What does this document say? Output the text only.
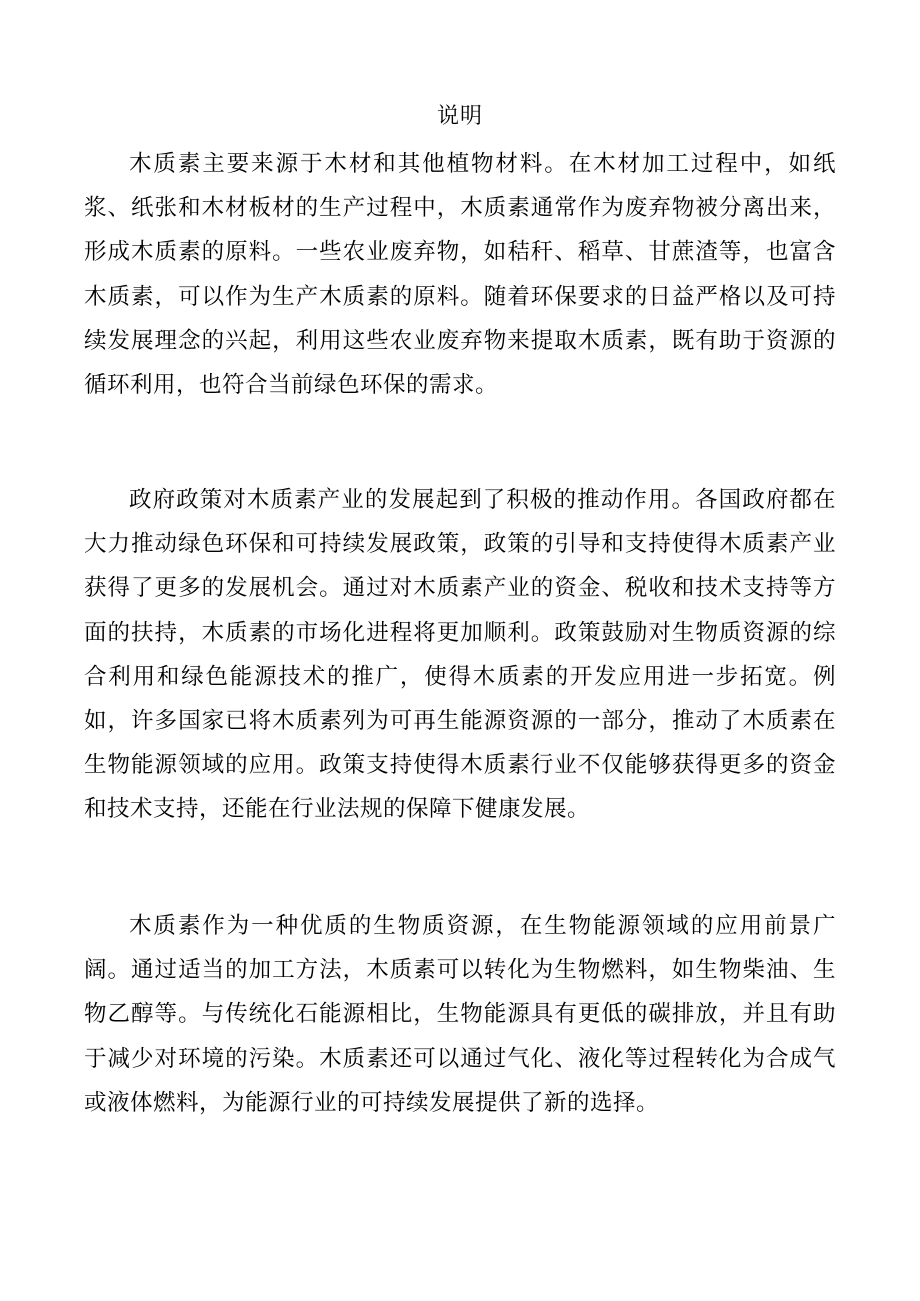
说明

木质素主要来源于木材和其他植物材料。在木材加工过程中，如纸浆、纸张和木材板材的生产过程中，木质素通常作为废弃物被分离出来，形成木质素的原料。一些农业废弃物，如秸秆、稻草、甘蔗渣等，也富含木质素，可以作为生产木质素的原料。随着环保要求的日益严格以及可持续发展理念的兴起，利用这些农业废弃物来提取木质素，既有助于资源的循环利用，也符合当前绿色环保的需求。

政府政策对木质素产业的发展起到了积极的推动作用。各国政府都在大力推动绿色环保和可持续发展政策，政策的引导和支持使得木质素产业获得了更多的发展机会。通过对木质素产业的资金、税收和技术支持等方面的扶持，木质素的市场化进程将更加顺利。政策鼓励对生物质资源的综合利用和绿色能源技术的推广，使得木质素的开发应用进一步拓宽。例如，许多国家已将木质素列为可再生能源资源的一部分，推动了木质素在生物能源领域的应用。政策支持使得木质素行业不仅能够获得更多的资金和技术支持，还能在行业法规的保障下健康发展。

木质素作为一种优质的生物质资源，在生物能源领域的应用前景广阔。通过适当的加工方法，木质素可以转化为生物燃料，如生物柴油、生物乙醇等。与传统化石能源相比，生物能源具有更低的碳排放，并且有助于减少对环境的污染。木质素还可以通过气化、液化等过程转化为合成气或液体燃料，为能源行业的可持续发展提供了新的选择。
